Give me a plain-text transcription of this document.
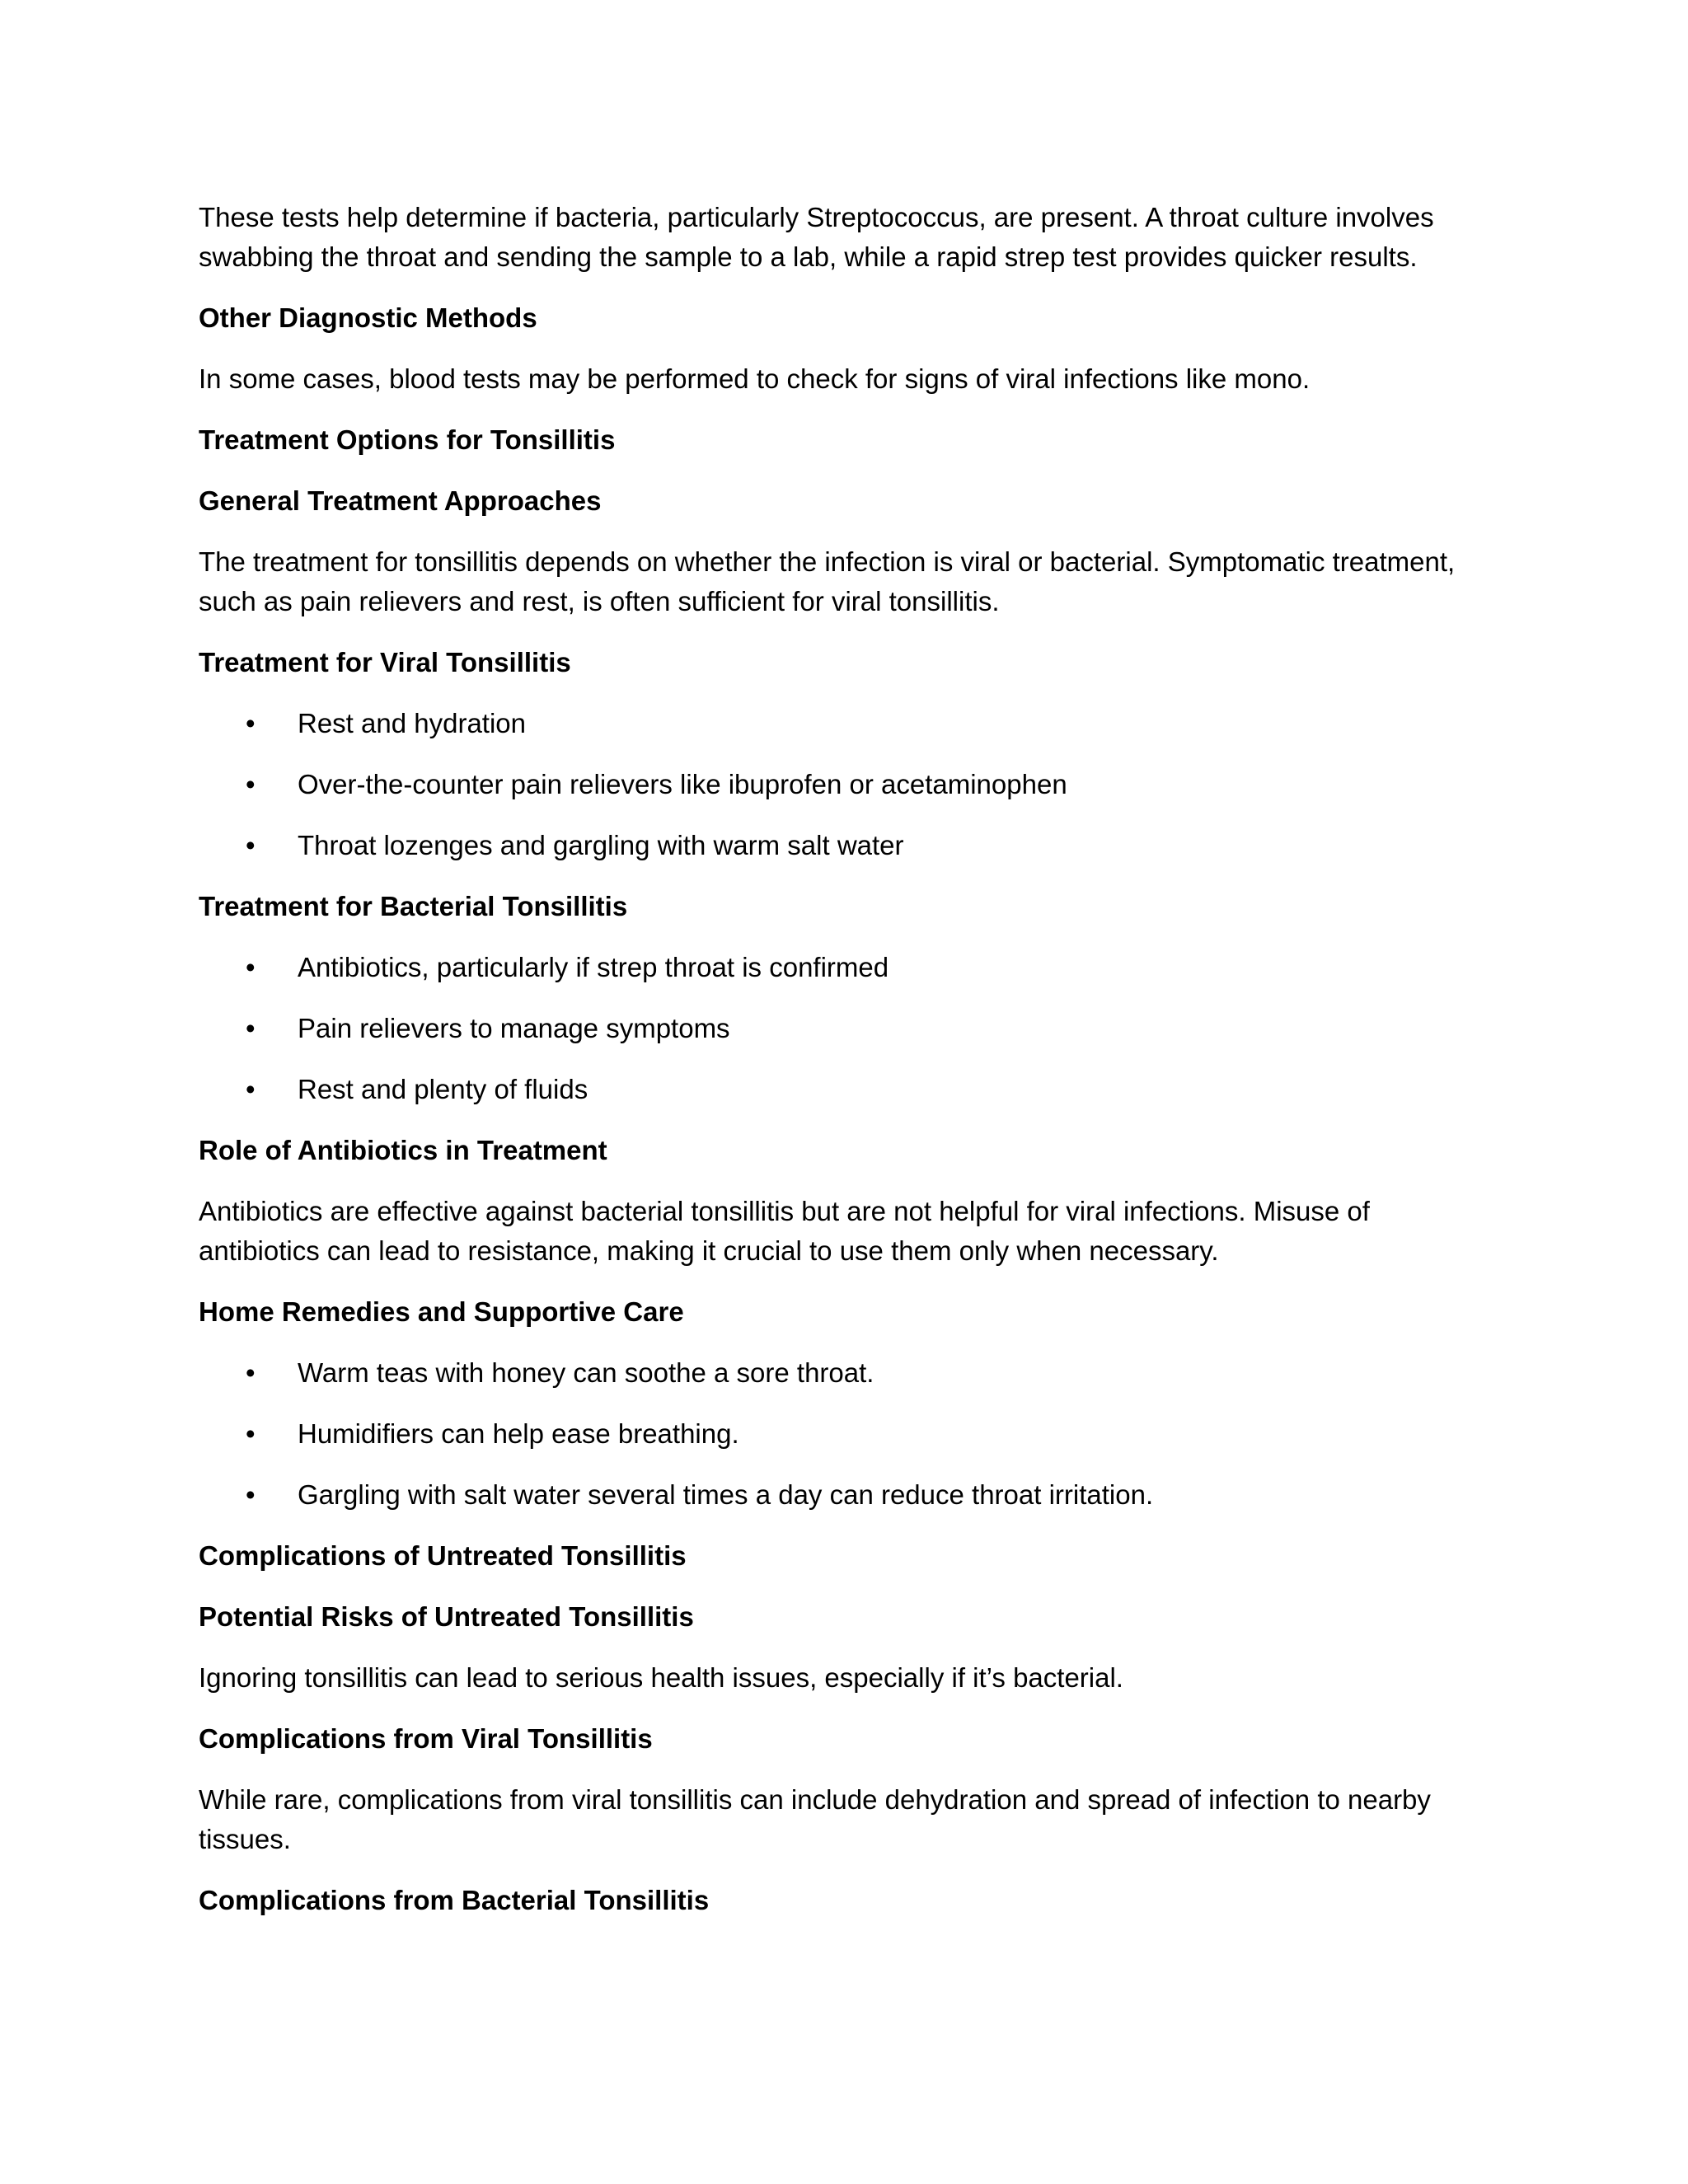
These tests help determine if bacteria, particularly Streptococcus, are present. A throat culture involves swabbing the throat and sending the sample to a lab, while a rapid strep test provides quicker results.

Other Diagnostic Methods

In some cases, blood tests may be performed to check for signs of viral infections like mono.

Treatment Options for Tonsillitis

General Treatment Approaches

The treatment for tonsillitis depends on whether the infection is viral or bacterial. Symptomatic treatment, such as pain relievers and rest, is often sufficient for viral tonsillitis.

Treatment for Viral Tonsillitis

• Rest and hydration
• Over-the-counter pain relievers like ibuprofen or acetaminophen
• Throat lozenges and gargling with warm salt water

Treatment for Bacterial Tonsillitis

• Antibiotics, particularly if strep throat is confirmed
• Pain relievers to manage symptoms
• Rest and plenty of fluids

Role of Antibiotics in Treatment

Antibiotics are effective against bacterial tonsillitis but are not helpful for viral infections. Misuse of antibiotics can lead to resistance, making it crucial to use them only when necessary.

Home Remedies and Supportive Care

• Warm teas with honey can soothe a sore throat.
• Humidifiers can help ease breathing.
• Gargling with salt water several times a day can reduce throat irritation.

Complications of Untreated Tonsillitis

Potential Risks of Untreated Tonsillitis

Ignoring tonsillitis can lead to serious health issues, especially if it’s bacterial.

Complications from Viral Tonsillitis

While rare, complications from viral tonsillitis can include dehydration and spread of infection to nearby tissues.

Complications from Bacterial Tonsillitis
